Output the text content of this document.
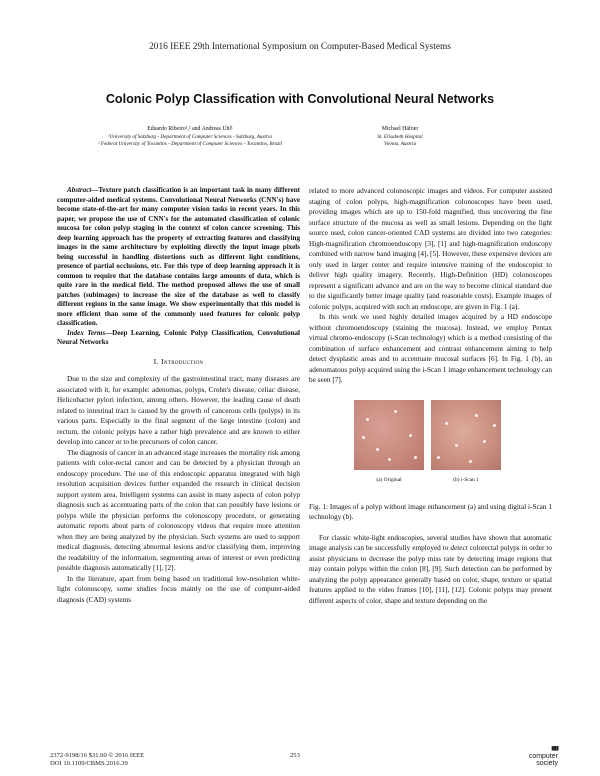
2016 IEEE 29th International Symposium on Computer-Based Medical Systems
Colonic Polyp Classification with Convolutional Neural Networks
Eduardo Ribeiro¹,² and Andreas Uhl¹
¹University of Salzburg - Department of Computer Sciences - Salzburg, Austria
² Federal University of Tocantins - Department of Computer Sciences - Tocantins, Brazil
Michael Häfner
St. Elisabeth Hospital
Vienna, Austria

Abstract—Texture patch classification is an important task in many different computer-aided medical systems. Convolutional Neural Networks (CNN's) have become state-of-the-art for many computer vision tasks in recent years. In this paper, we propose the use of CNN's for the automated classification of colonic mucosa for colon polyp staging in the context of colon cancer screening. This deep learning approach has the property of extracting features and classifying images in the same architecture by exploiting directly the input image pixels being successful in handling distortions such as different light conditions, presence of partial occlusions, etc. For this type of deep learning approach it is common to require that the database contains large amounts of data, which is quite rare in the medical field. The method proposed allows the use of small patches (subimages) to increase the size of the database as well to classify different regions in the same image. We show experimentally that this model is more efficient than some of the commonly used features for colonic polyp classification.

Index Terms—Deep Learning, Colonic Polyp Classification, Convolutional Neural Networks

I. Introduction

Due to the size and complexity of the gastrointestinal tract, many diseases are associated with it, for example: adenomas, polyps, Crohn's disease, celiac disease, Helicobacter pylori infection, among others. However, the leading cause of death related to intestinal tract is caused by the growth of cancerous cells (polyps) in its various parts. Especially in the final segment of the large intestine (colon) and rectum, the colonic polyps have a rather high prevalence and are known to either develop into cancer or to be precursors of colon cancer.

The diagnosis of cancer in an advanced stage increases the mortality risk among patients with color-rectal cancer and can be detected by a physician through an endoscopy procedure. The use of this endoscopic apparatus integrated with high resolution acquisition devices further expanded the research in clinical decision support system area. Intelligent systems can assist in many aspects of colon polyp diagnosis such as accentuating parts of the colon that can possibly have lesions or polyps while the physician performs the colonoscopy procedure, or generating automatic reports about parts of colonoscopy videos that require more attention when they are being analyzed by the physician. Such systems are used to support medical diagnosis, detecting abnormal lesions and/or classifying them, improving the readability of the information, segmenting areas of interest or even predicting possible diagnosis automatically [1], [2].

In the literature, apart from being based on traditional low-resolution white-light colonoscopy, some studies focus mainly on the use of computer-aided diagnosis (CAD) systems

related to more advanced colonoscopic images and videos. For computer assisted staging of colon polyps, high-magnification colonoscopes have been used, providing images which are up to 150-fold magnified, thus uncovering the fine surface structure of the mucosa as well as small lesions. Depending on the light source used, colon cancer-oriented CAD systems are divided into two categories: High-magnification chromoendoscopy [3], [1] and high-magnification endoscopy combined with narrow band imaging [4], [5]. However, these expensive devices are only used in larger center and require intensive training of the endoscopist to deliver high quality imagery. Recently, High-Definition (HD) colonoscopes represent a significant advance and are on the way to become clinical standard due to the significantly better image quality (and reasonable costs). Example images of colonic polyps, acquired with such an endoscope, are given in Fig. 1 (a).

In this work we used highly detailed images acquired by a HD endoscope without chromoendoscopy (staining the mucosa). Instead, we employ Pentax virtual chromo-endoscopy (i-Scan technology) which is a method consisting of the combination of surface enhancement and contrast enhancement aiming to help detect dysplastic areas and to accentuate mucosal surfaces [6]. In Fig. 1 (b), an adenomatous polyp acquired using the i-Scan 1 image enhancement technology can be seen [7].

(a) Original	(b) i-Scan 1
Fig. 1: Images of a polyp without image enhancement (a) and using digital i-Scan 1 technology (b).

For classic white-light endoscopies, several studies have shown that automatic image analysis can be successfully employed to detect colorectal polyps in order to assist physicians to decrease the polyp miss rate by detecting image regions that may contain polyps within the colon [8], [9]. Such detection can be performed by analyzing the polyp appearance generally based on color, shape, texture or spatial features applied to the video frames [10], [11], [12]. Colonic polyps may present different aspects of color, shape and texture depending on the

2372-9198/16 $31.00 © 2016 IEEE
DOI 10.1109/CBMS.2016.39
253
▮▮▮
computer
society
